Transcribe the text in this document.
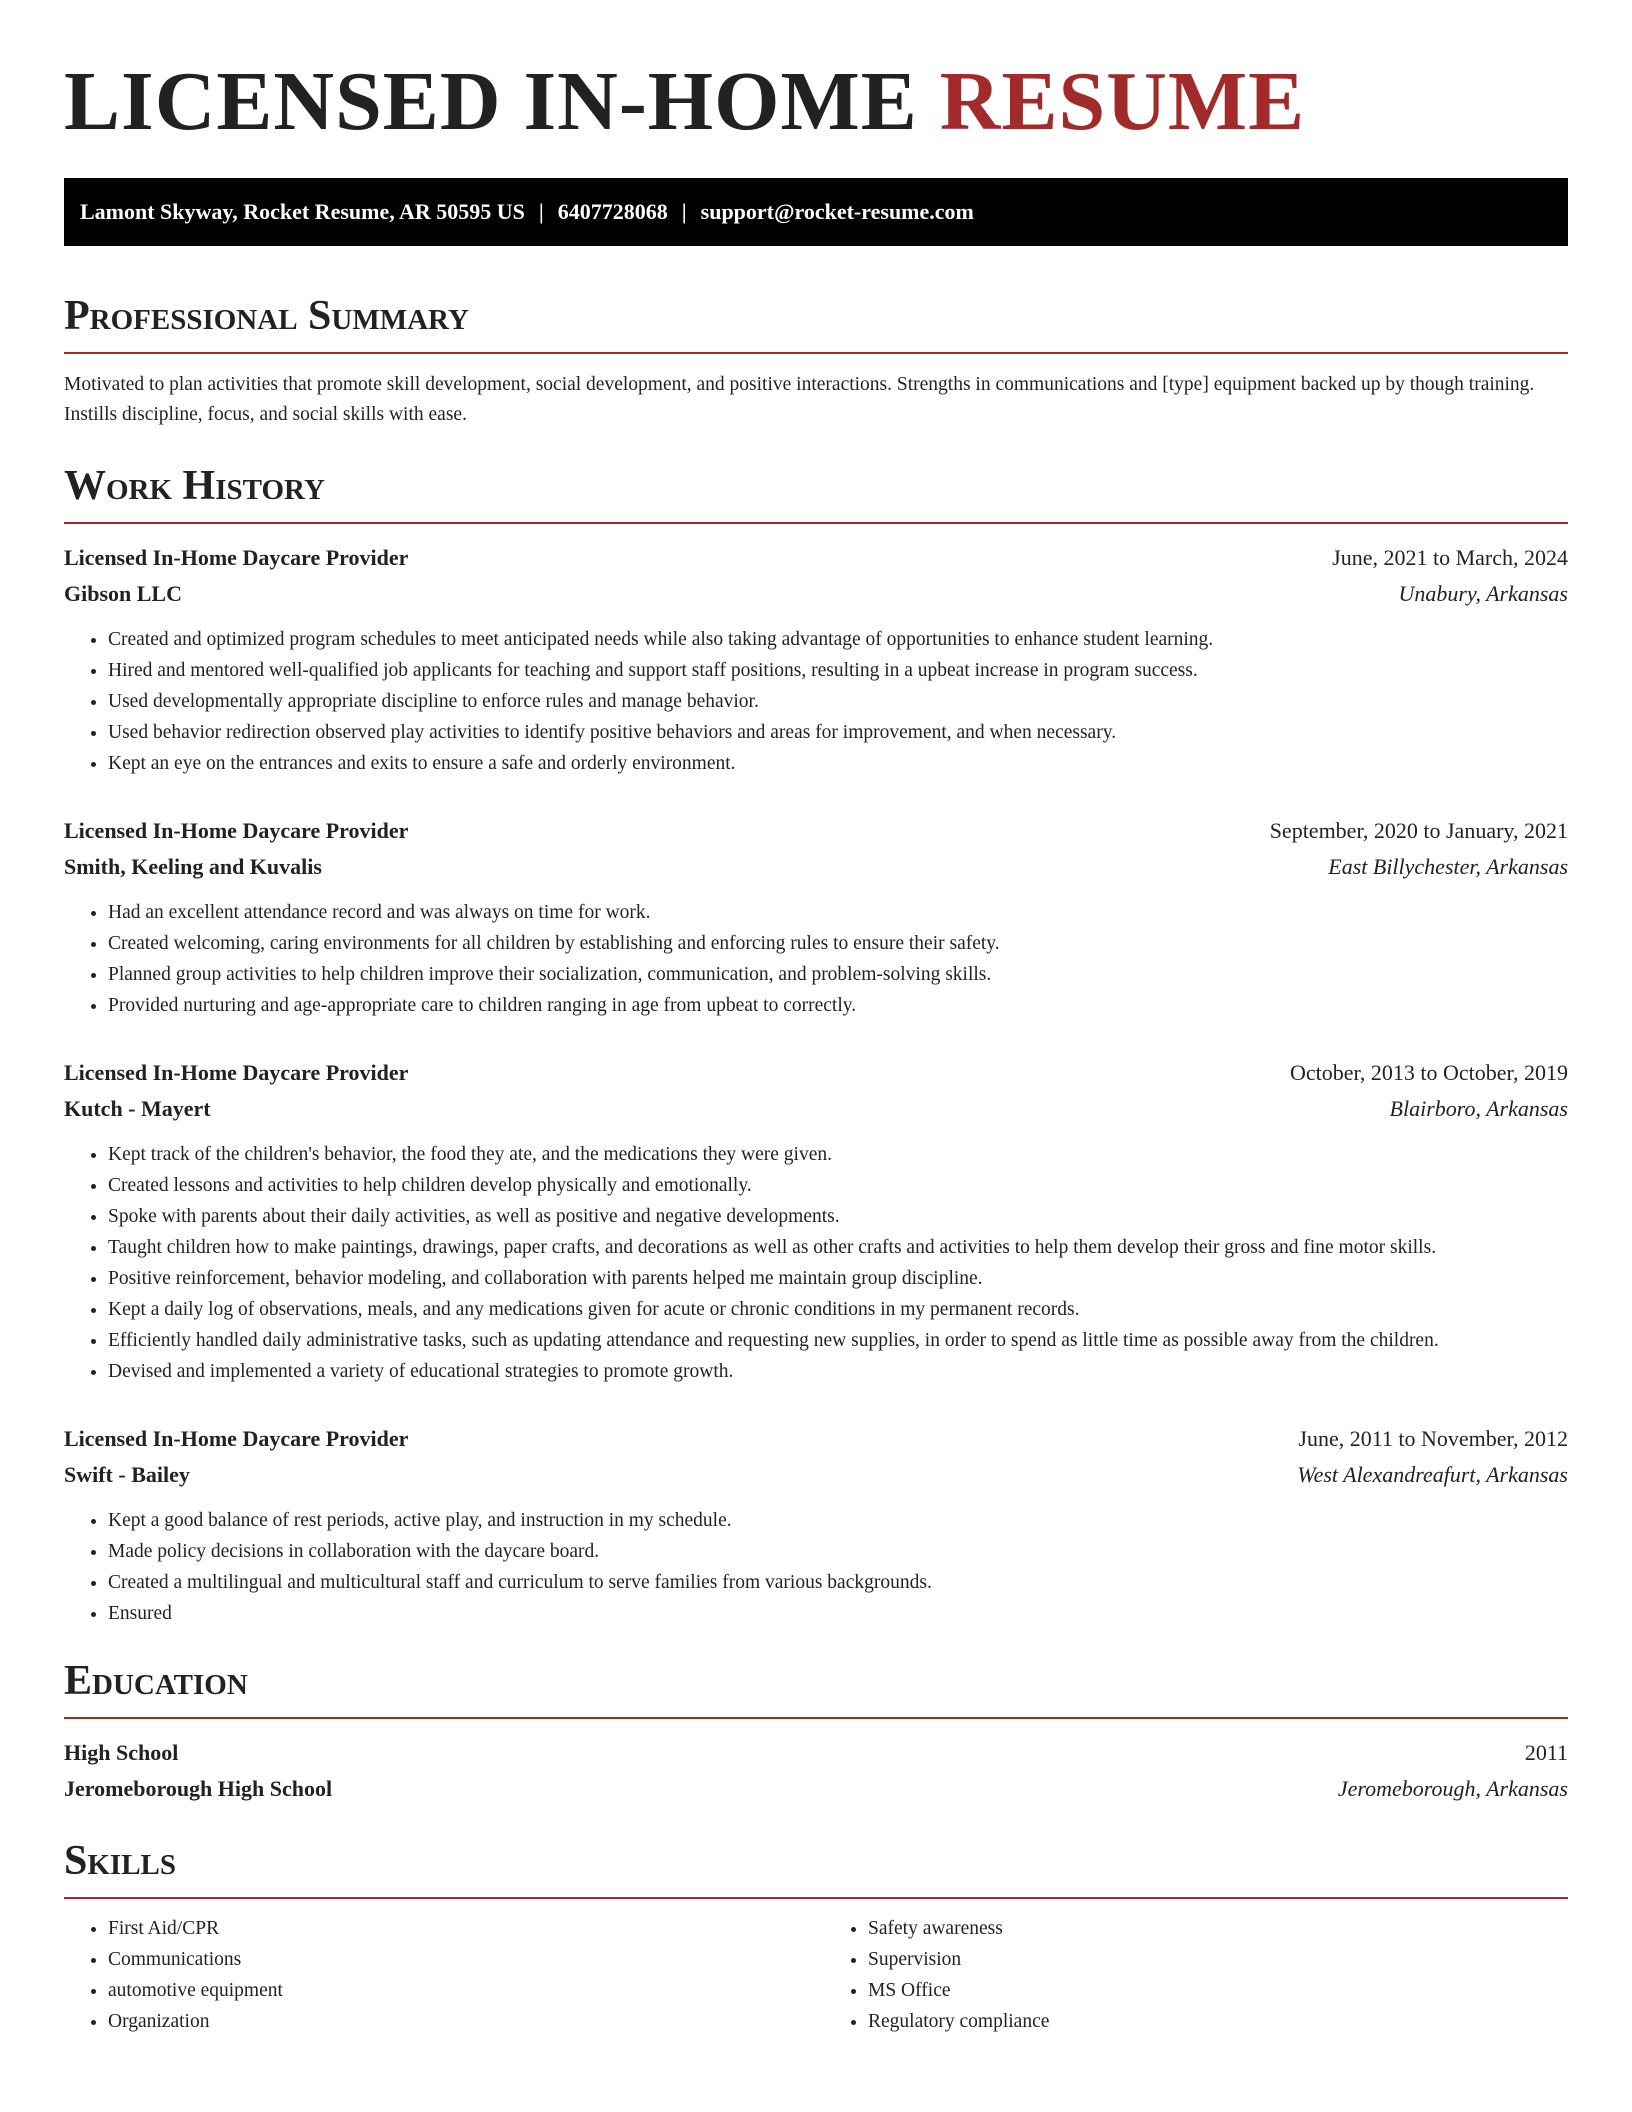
LICENSED IN-HOME RESUME
Lamont Skyway, Rocket Resume, AR 50595 US | 6407728068 | support@rocket-resume.com
Professional Summary

Motivated to plan activities that promote skill development, social development, and positive interactions. Strengths in communications and [type] equipment backed up by though training. Instills discipline, focus, and social skills with ease.

Work History
Licensed In-Home Daycare Provider	June, 2021 to March, 2024
Gibson LLC	Unabury, Arkansas
• Created and optimized program schedules to meet anticipated needs while also taking advantage of opportunities to enhance student learning.
• Hired and mentored well-qualified job applicants for teaching and support staff positions, resulting in a upbeat increase in program success.
• Used developmentally appropriate discipline to enforce rules and manage behavior.
• Used behavior redirection observed play activities to identify positive behaviors and areas for improvement, and when necessary.
• Kept an eye on the entrances and exits to ensure a safe and orderly environment.
Licensed In-Home Daycare Provider	September, 2020 to January, 2021
Smith, Keeling and Kuvalis	East Billychester, Arkansas
• Had an excellent attendance record and was always on time for work.
• Created welcoming, caring environments for all children by establishing and enforcing rules to ensure their safety.
• Planned group activities to help children improve their socialization, communication, and problem-solving skills.
• Provided nurturing and age-appropriate care to children ranging in age from upbeat to correctly.
Licensed In-Home Daycare Provider	October, 2013 to October, 2019
Kutch - Mayert	Blairboro, Arkansas
• Kept track of the children's behavior, the food they ate, and the medications they were given.
• Created lessons and activities to help children develop physically and emotionally.
• Spoke with parents about their daily activities, as well as positive and negative developments.
• Taught children how to make paintings, drawings, paper crafts, and decorations as well as other crafts and activities to help them develop their gross and fine motor skills.
• Positive reinforcement, behavior modeling, and collaboration with parents helped me maintain group discipline.
• Kept a daily log of observations, meals, and any medications given for acute or chronic conditions in my permanent records.
• Efficiently handled daily administrative tasks, such as updating attendance and requesting new supplies, in order to spend as little time as possible away from the children.
• Devised and implemented a variety of educational strategies to promote growth.
Licensed In-Home Daycare Provider	June, 2011 to November, 2012
Swift - Bailey	West Alexandreafurt, Arkansas
• Kept a good balance of rest periods, active play, and instruction in my schedule.
• Made policy decisions in collaboration with the daycare board.
• Created a multilingual and multicultural staff and curriculum to serve families from various backgrounds.
• Ensured
Education
High School	2011
Jeromeborough High School	Jeromeborough, Arkansas
Skills
• First Aid/CPR
• Communications
• automotive equipment
• Organization
• Safety awareness
• Supervision
• MS Office
• Regulatory compliance
